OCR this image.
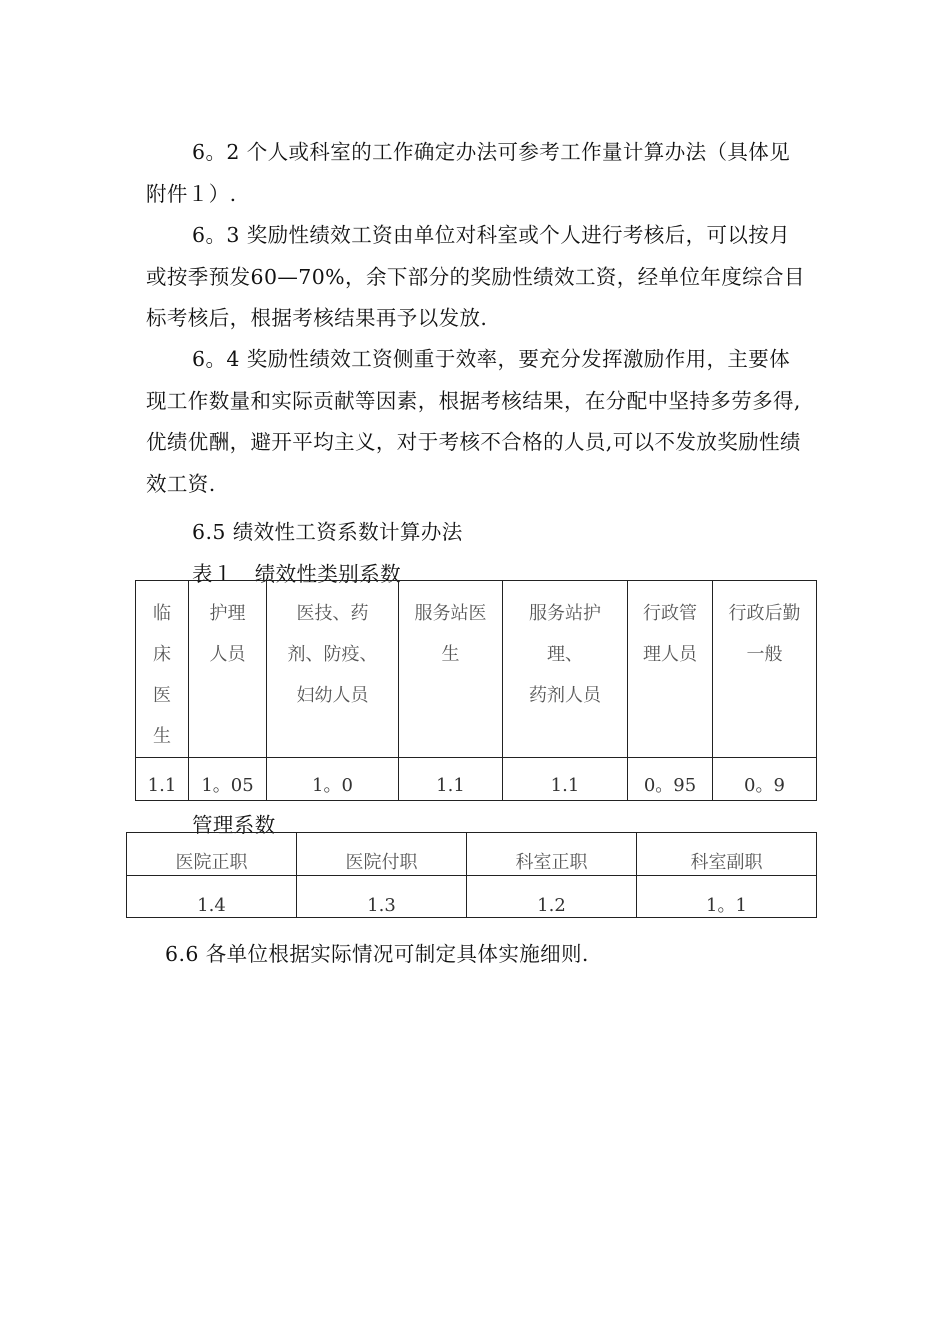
6。2 个人或科室的工作确定办法可参考工作量计算办法（具体见附件１）.

6。3 奖励性绩效工资由单位对科室或个人进行考核后，可以按月或按季预发60—70%，余下部分的奖励性绩效工资，经单位年度综合目标考核后，根据考核结果再予以发放.

6。4 奖励性绩效工资侧重于效率，要充分发挥激励作用，主要体现工作数量和实际贡献等因素，根据考核结果，在分配中坚持多劳多得,优绩优酬，避开平均主义，对于考核不合格的人员,可以不发放奖励性绩效工资.

6.5 绩效性工资系数计算办法

表１　绩效性类别系数

临
床
医
生	护理
人员	医技、药
剂、防疫、
妇幼人员	服务站医
生	服务站护
理、
药剂人员	行政管
理人员	行政后勤
一般

1.1	1。05	1。0	1.1	1.1	0。95	0。9

管理系数

医院正职	医院付职	科室正职	科室副职
1.4	1.3	1.2	1。1

6.6 各单位根据实际情况可制定具体实施细则.
